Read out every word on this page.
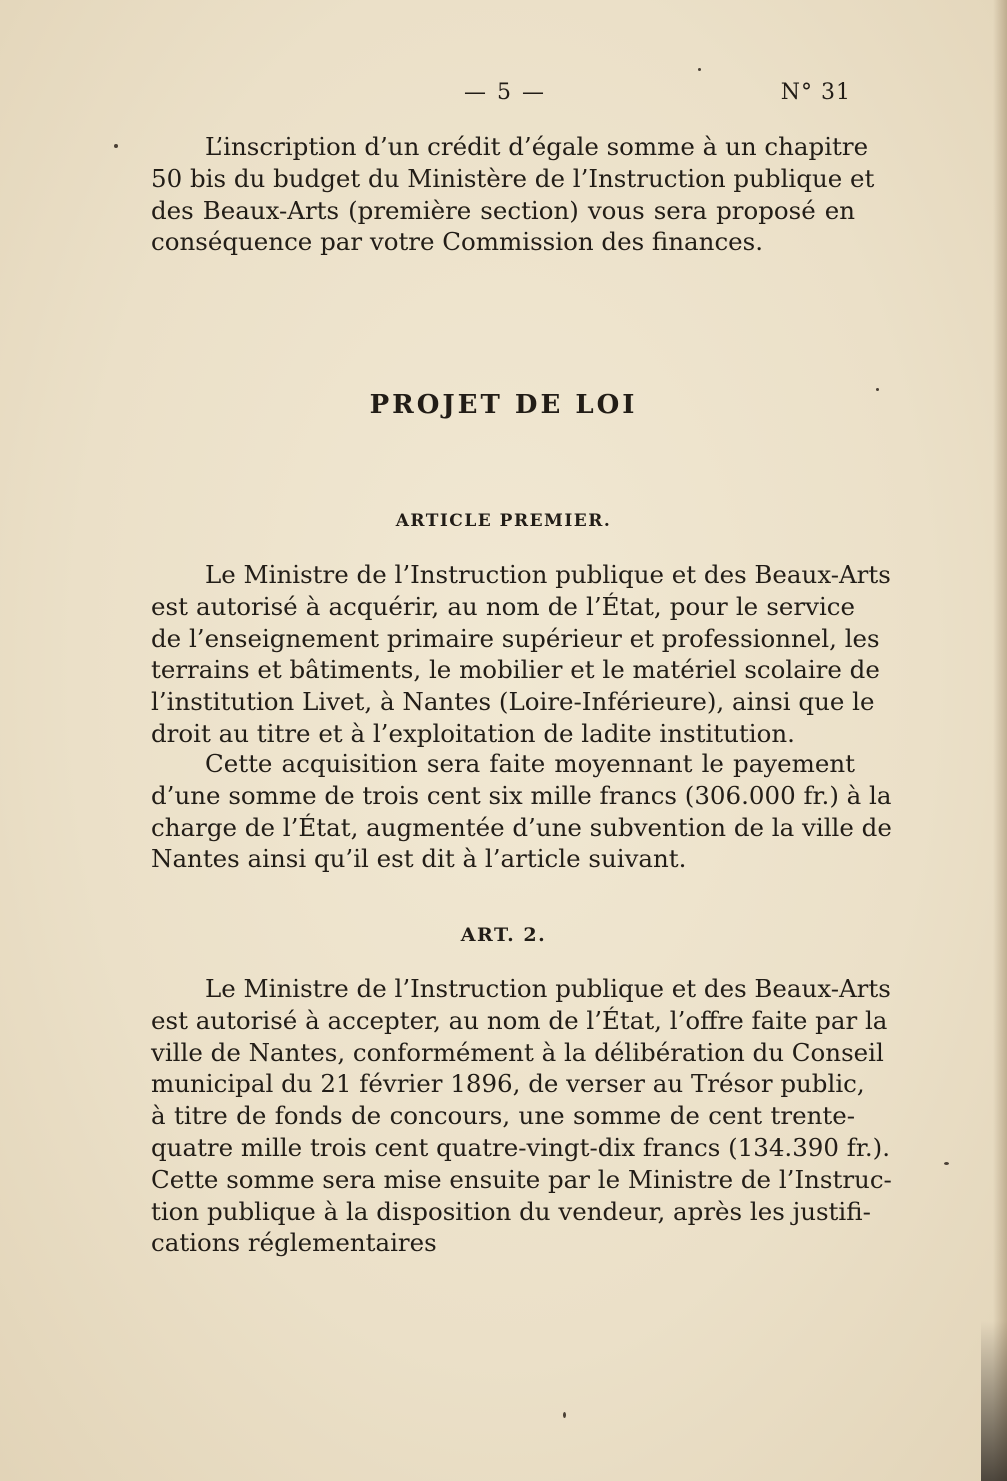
— 5 —	N° 31
L’inscription d’un crédit d’égale somme à un chapitre
50 bis du budget du Ministère de l’Instruction publique et
des Beaux-Arts (première section) vous sera proposé en
conséquence par votre Commission des finances.
PROJET DE LOI
ARTICLE PREMIER.
Le Ministre de l’Instruction publique et des Beaux-Arts
est autorisé à acquérir, au nom de l’État, pour le service
de l’enseignement primaire supérieur et professionnel, les
terrains et bâtiments, le mobilier et le matériel scolaire de
l’institution Livet, à Nantes (Loire-Inférieure), ainsi que le
droit au titre et à l’exploitation de ladite institution.
Cette acquisition sera faite moyennant le payement
d’une somme de trois cent six mille francs (306.000 fr.) à la
charge de l’État, augmentée d’une subvention de la ville de
Nantes ainsi qu’il est dit à l’article suivant.
ART. 2.
Le Ministre de l’Instruction publique et des Beaux-Arts
est autorisé à accepter, au nom de l’État, l’offre faite par la
ville de Nantes, conformément à la délibération du Conseil
municipal du 21 février 1896, de verser au Trésor public,
à titre de fonds de concours, une somme de cent trente-
quatre mille trois cent quatre-vingt-dix francs (134.390 fr.).
Cette somme sera mise ensuite par le Ministre de l’Instruc-
tion publique à la disposition du vendeur, après les justifi-
cations réglementaires
